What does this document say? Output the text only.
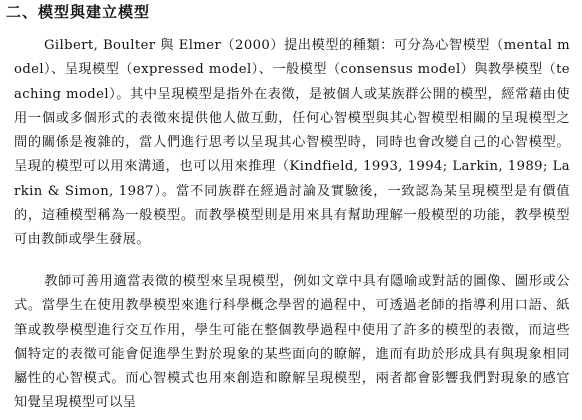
二、模型與建立模型

Gilbert, Boulter 與 Elmer（2000）提出模型的種類：可分為心智模型（mental model）、呈現模型（expressed model）、一般模型（consensus model）與教學模型（teaching model）。其中呈現模型是指外在表徵，是被個人或某族群公開的模型，經常藉由使用一個或多個形式的表徵來提供他人做互動，任何心智模型與其心智模型相關的呈現模型之間的關係是複雜的，當人們進行思考以呈現其心智模型時，同時也會改變自己的心智模型。呈現的模型可以用來溝通，也可以用來推理（Kindfield, 1993, 1994; Larkin, 1989; Larkin & Simon, 1987）。當不同族群在經過討論及實驗後，一致認為某呈現模型是有價值的，這種模型稱為一般模型。而教學模型則是用來具有幫助理解一般模型的功能，教學模型可由教師或學生發展。

教師可善用適當表徵的模型來呈現模型，例如文章中具有隱喻或對話的圖像、圖形或公式。當學生在使用教學模型來進行科學概念學習的過程中，可透過老師的指導利用口語、紙筆或教學模型進行交互作用，學生可能在整個教學過程中使用了許多的模型的表徵，而這些個特定的表徵可能會促進學生對於現象的某些面向的瞭解，進而有助於形成具有與現象相同屬性的心智模式。而心智模式也用來創造和瞭解呈現模型，兩者都會影響我們對現象的感官知覺呈現模型可以呈
